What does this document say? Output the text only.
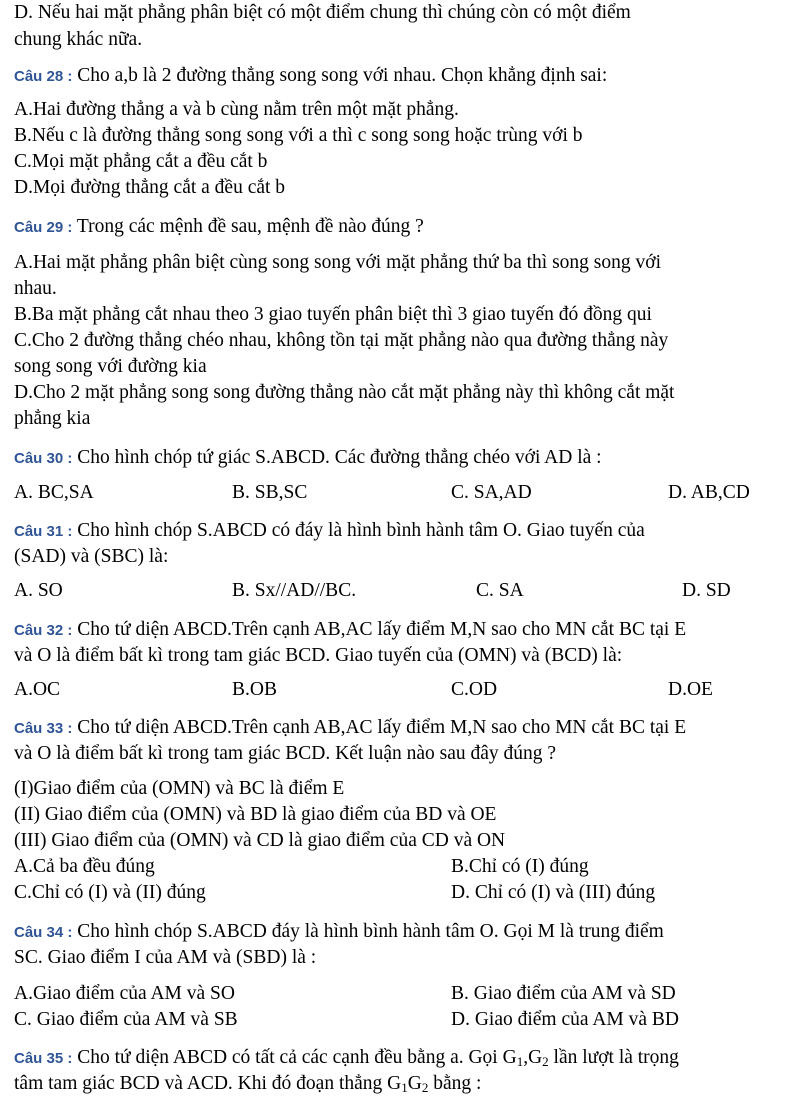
D. Nếu hai mặt phẳng phân biệt có một điểm chung thì chúng còn có một điểm
chung khác nữa.
Câu 28 : Cho a,b là 2 đường thẳng song song với nhau. Chọn khẳng định sai:
A.Hai đường thẳng a và b cùng nằm trên một mặt phẳng.
B.Nếu c là đường thẳng song song với a thì c song song hoặc trùng với b
C.Mọi mặt phẳng cắt a đều cắt b
D.Mọi đường thẳng cắt a đều cắt b
Câu 29 : Trong các mệnh đề sau, mệnh đề nào đúng ?
A.Hai mặt phẳng phân biệt cùng song song với mặt phẳng thứ ba thì song song với
nhau.
B.Ba mặt phẳng cắt nhau theo 3 giao tuyến phân biệt thì 3 giao tuyến đó đồng qui
C.Cho 2 đường thẳng chéo nhau, không tồn tại mặt phẳng nào qua đường thẳng này
song song với đường kia
D.Cho 2 mặt phẳng song song đường thẳng nào cắt mặt phẳng này thì không cắt mặt
phẳng kia
Câu 30 : Cho hình chóp tứ giác S.ABCD. Các đường thẳng chéo với AD là :
A. BC,SA	B. SB,SC	C. SA,AD	D. AB,CD
Câu 31 : Cho hình chóp S.ABCD có đáy là hình bình hành tâm O. Giao tuyến của
(SAD) và (SBC) là:
A. SO	B. Sx//AD//BC.	C. SA	D. SD
Câu 32 : Cho tứ diện ABCD.Trên cạnh AB,AC lấy điểm M,N sao cho MN cắt BC tại E
và O là điểm bất kì trong tam giác BCD. Giao tuyến của (OMN) và (BCD) là:
A.OC	B.OB	C.OD	D.OE
Câu 33 : Cho tứ diện ABCD.Trên cạnh AB,AC lấy điểm M,N sao cho MN cắt BC tại E
và O là điểm bất kì trong tam giác BCD. Kết luận nào sau đây đúng ?
(I)Giao điểm của (OMN) và BC là điểm E
(II) Giao điểm của (OMN) và BD là giao điểm của BD và OE
(III) Giao điểm của (OMN) và CD là giao điểm của CD và ON
A.Cả ba đều đúng	B.Chỉ có (I) đúng
C.Chỉ có (I) và (II) đúng	D. Chỉ có (I) và (III) đúng
Câu 34 : Cho hình chóp S.ABCD đáy là hình bình hành tâm O. Gọi M là trung điểm
SC. Giao điểm I của AM và (SBD) là :
A.Giao điểm của AM và SO	B. Giao điểm của AM và SD
C. Giao điểm của AM và SB	D. Giao điểm của AM và BD
Câu 35 : Cho tứ diện ABCD có tất cả các cạnh đều bằng a. Gọi $G_1,G_2$ lần lượt là trọng
tâm tam giác BCD và ACD. Khi đó đoạn thẳng $G_1G_2$ bằng :
